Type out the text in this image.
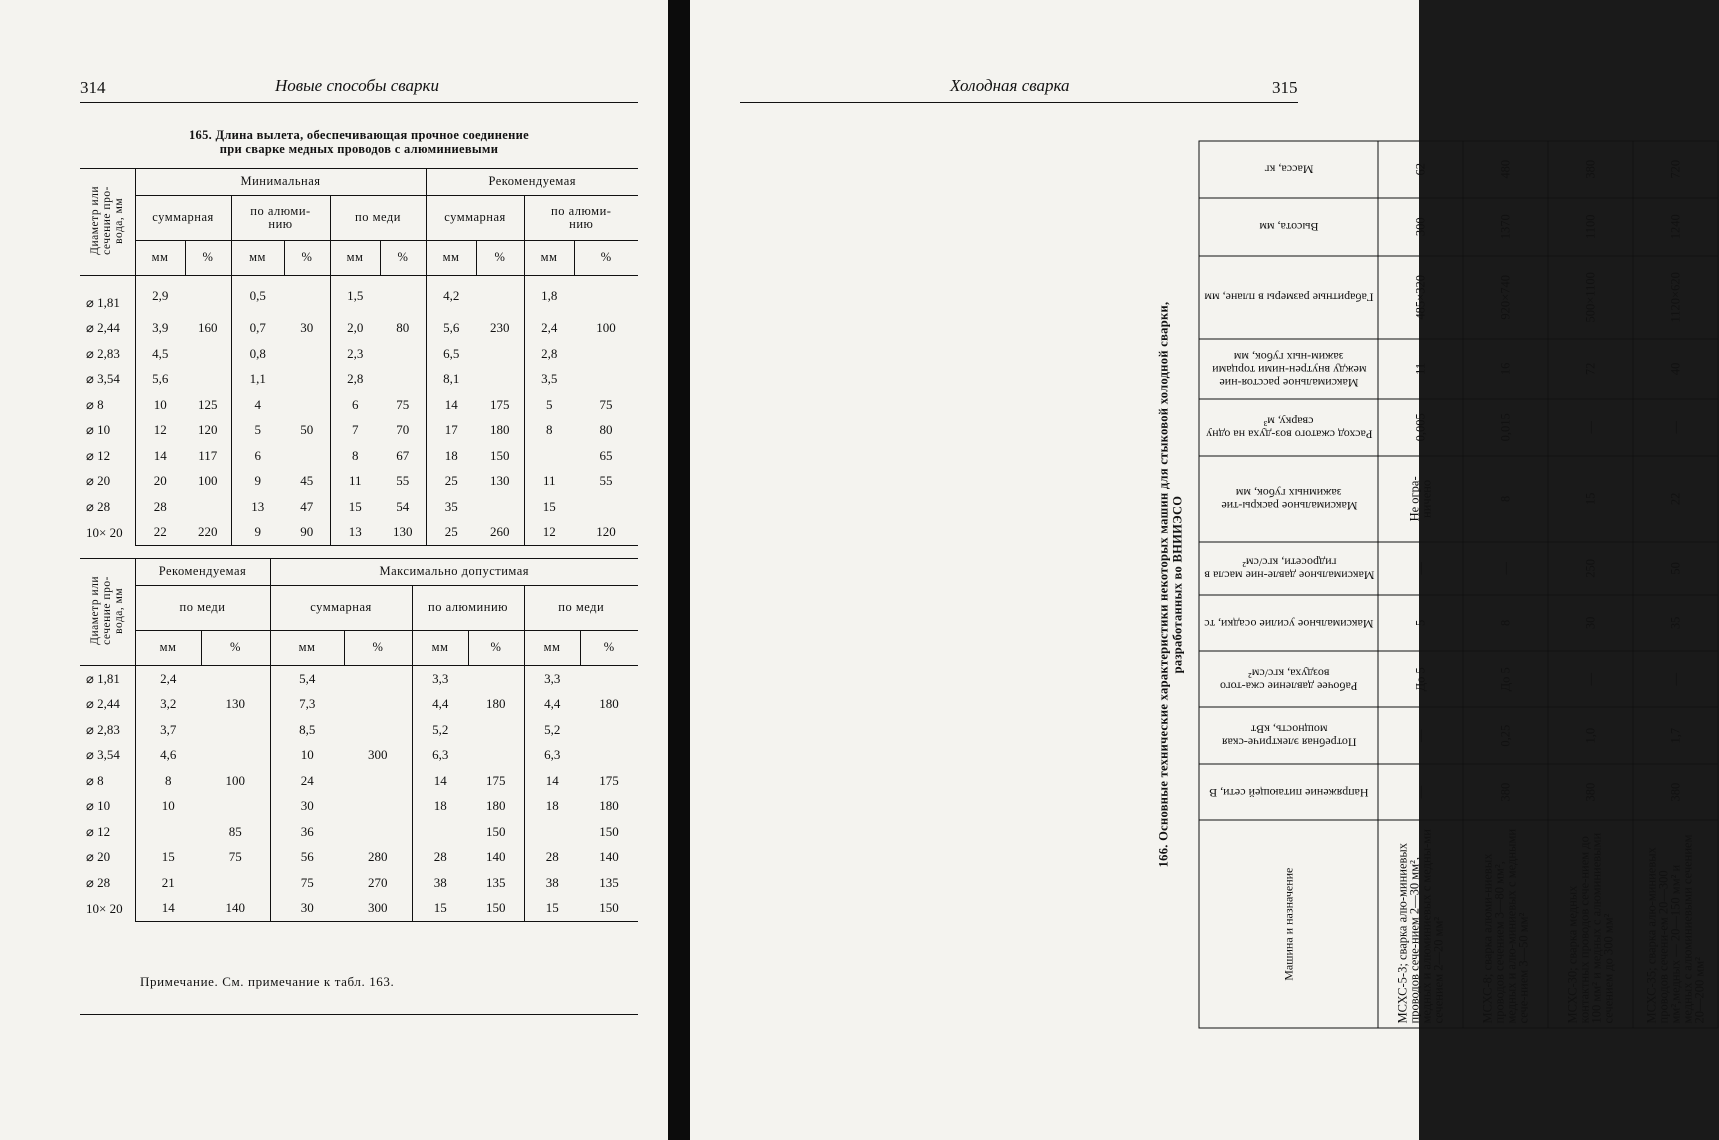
314	Новые способы сварки
165. Длина вылета, обеспечивающая прочное соединение
при сварке медных проводов с алюминиевыми
Диаметр или
сечение про-
вода, мм	Минимальная						Рекомендуемая			
	суммарная		по алюми-
нию		по меди		суммарная		по алюми-
нию	
	мм	%	мм	%	мм	%	мм	%	мм	%
⌀ 1,81	2,9		0,5		1,5		4,2		1,8	
⌀ 2,44	3,9	160	0,7	30	2,0	80	5,6	230	2,4	100
⌀ 2,83	4,5		0,8		2,3		6,5		2,8	
⌀ 3,54	5,6		1,1		2,8		8,1		3,5	
⌀ 8	10	125	4		6	75	14	175	5	75
⌀ 10	12	120	5	50	7	70	17	180	8	80
⌀ 12	14	117	6		8	67	18	150		65
⌀ 20	20	100	9	45	11	55	25	130	11	55
⌀ 28	28		13	47	15	54	35		15	
10× 20	22	220	9	90	13	130	25	260	12	120
Диаметр или
сечение про-
вода, мм	Рекомендуемая		Максимально допустимая					
	по меди		суммарная		по алюминию		по меди	
	мм	%	мм	%	мм	%	мм	%
⌀ 1,81	2,4		5,4		3,3		3,3	
⌀ 2,44	3,2	130	7,3		4,4	180	4,4	180
⌀ 2,83	3,7		8,5		5,2		5,2	
⌀ 3,54	4,6		10	300	6,3		6,3	
⌀ 8	8	100	24		14	175	14	175
⌀ 10	10		30		18	180	18	180
⌀ 12		85	36			150		150
⌀ 20	15	75	56	280	28	140	28	140
⌀ 28	21		75	270	38	135	38	135
10× 20	14	140	30	300	15	150	15	150
Примечание. См. примечание к табл. 163.
Холодная сварка	315
166. Основные технические характеристики некоторых машин для стыковой холодной сварки, разработанных во ВНИИЭСО
Машина и назначение	Напряжение питающей сети, В	Потребная электриче-ская мощность, кВт	Рабочее давление сжа-того воздуха, кгс/см²	Максимальное усилие осадки, тс	Максимальное давле-ние масла в гидросети, кгс/см²	Максимальное раскры-тие зажимных губок, мм	Расход сжатого воз-духа на одну сварку, м³	Максимальное расстоя-ние между внутрен-ними торцами зажим-ных губок, мм	Габаритные размеры в плане, мм	Высота, мм	Масса, кг
МСХС-5-3; сварка алю-миниевых проводов сече-нием 2—30 мм², медных и алюминиевых с медны-ми сечением 2—20 мм²	—	—	До 5	5	—	Не огра-ничено	0,005	11	485×320	300	62
МСХС-8; сварка алюми-ниевых проводов сечением 3—80 мм², медных и алю-миниевых с медными сече-нием 3—50 мм²	380	0,25	До 5	8	—	8	0,015	16	920×740	1370	480
МСХС-30; сварка медных контактных проводов сече-нием до 100 мм² и медных с алюминиевыми сечением до 300 мм²	380	1,0	—	30	250	15	—	72	500×1100	1100	380
МСХС-35; сварка алю-миниевых проводов сечени-ем 20—300 мм²,медных — 20—150 мм² и медных с алюминиевыми сечением 20—200 мм²	380	1,7	—	35	50	22	—	40	1120×620	1240	720
